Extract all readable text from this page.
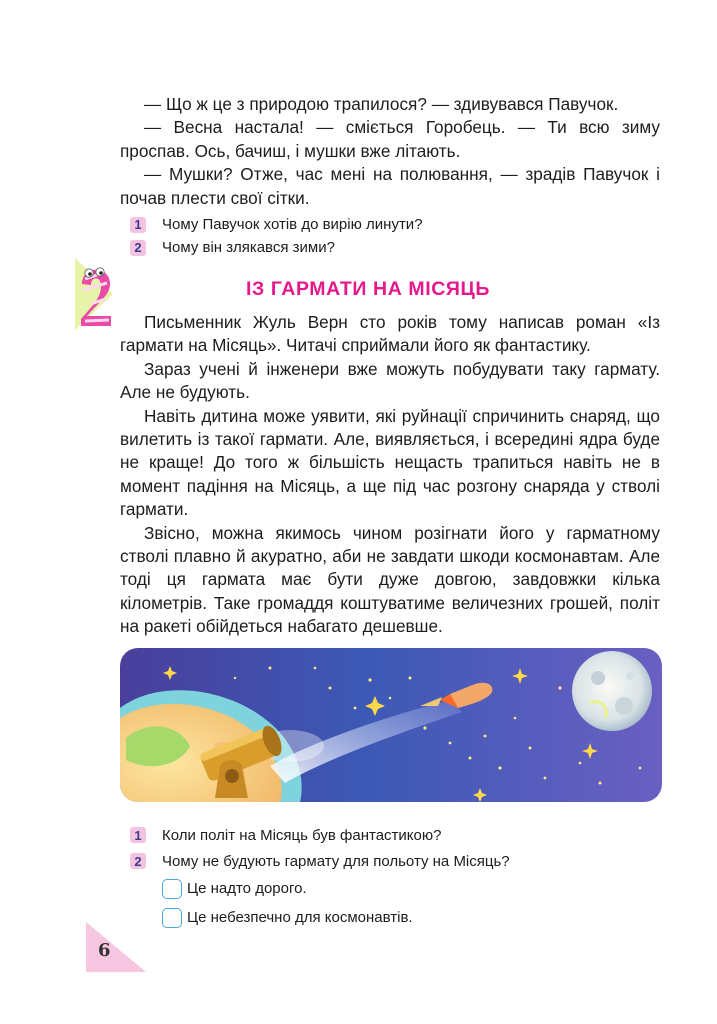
— Що ж це з природою трапилося? — здивувався Павучок.

— Весна настала! — сміється Горобець. — Ти всю зиму проспав. Ось, бачиш, і мушки вже літають.

— Мушки? Отже, час мені на полювання, — зрадів Павучок і почав плести свої сітки.

1 Чому Павучок хотів до вирію линути?
2 Чому він злякався зими?
ІЗ ГАРМАТИ НА МІСЯЦЬ

Письменник Жуль Верн сто років тому написав роман «Із гармати на Місяць». Читачі сприймали його як фантастику.

Зараз учені й інженери вже можуть побудувати таку гармату. Але не будують.

Навіть дитина може уявити, які руйнації спричинить снаряд, що вилетить із такої гармати. Але, виявляється, і всередині ядра буде не краще! До того ж більшість нещасть трапиться навіть не в момент падіння на Місяць, а ще під час розгону снаряда у стволі гармати.

Звісно, можна якимось чином розігнати його у гарматному стволі плавно й акуратно, аби не завдати шкоди космонавтам. Але тоді ця гармата має бути дуже довгою, завдовжки кілька кілометрів. Таке громаддя коштуватиме величезних грошей, політ на ракеті обійдеться набагато дешевше.

1 Коли політ на Місяць був фантастикою?
2 Чому не будують гармату для польоту на Місяць?
Це надто дорого.
Це небезпечно для космонавтів.
6
